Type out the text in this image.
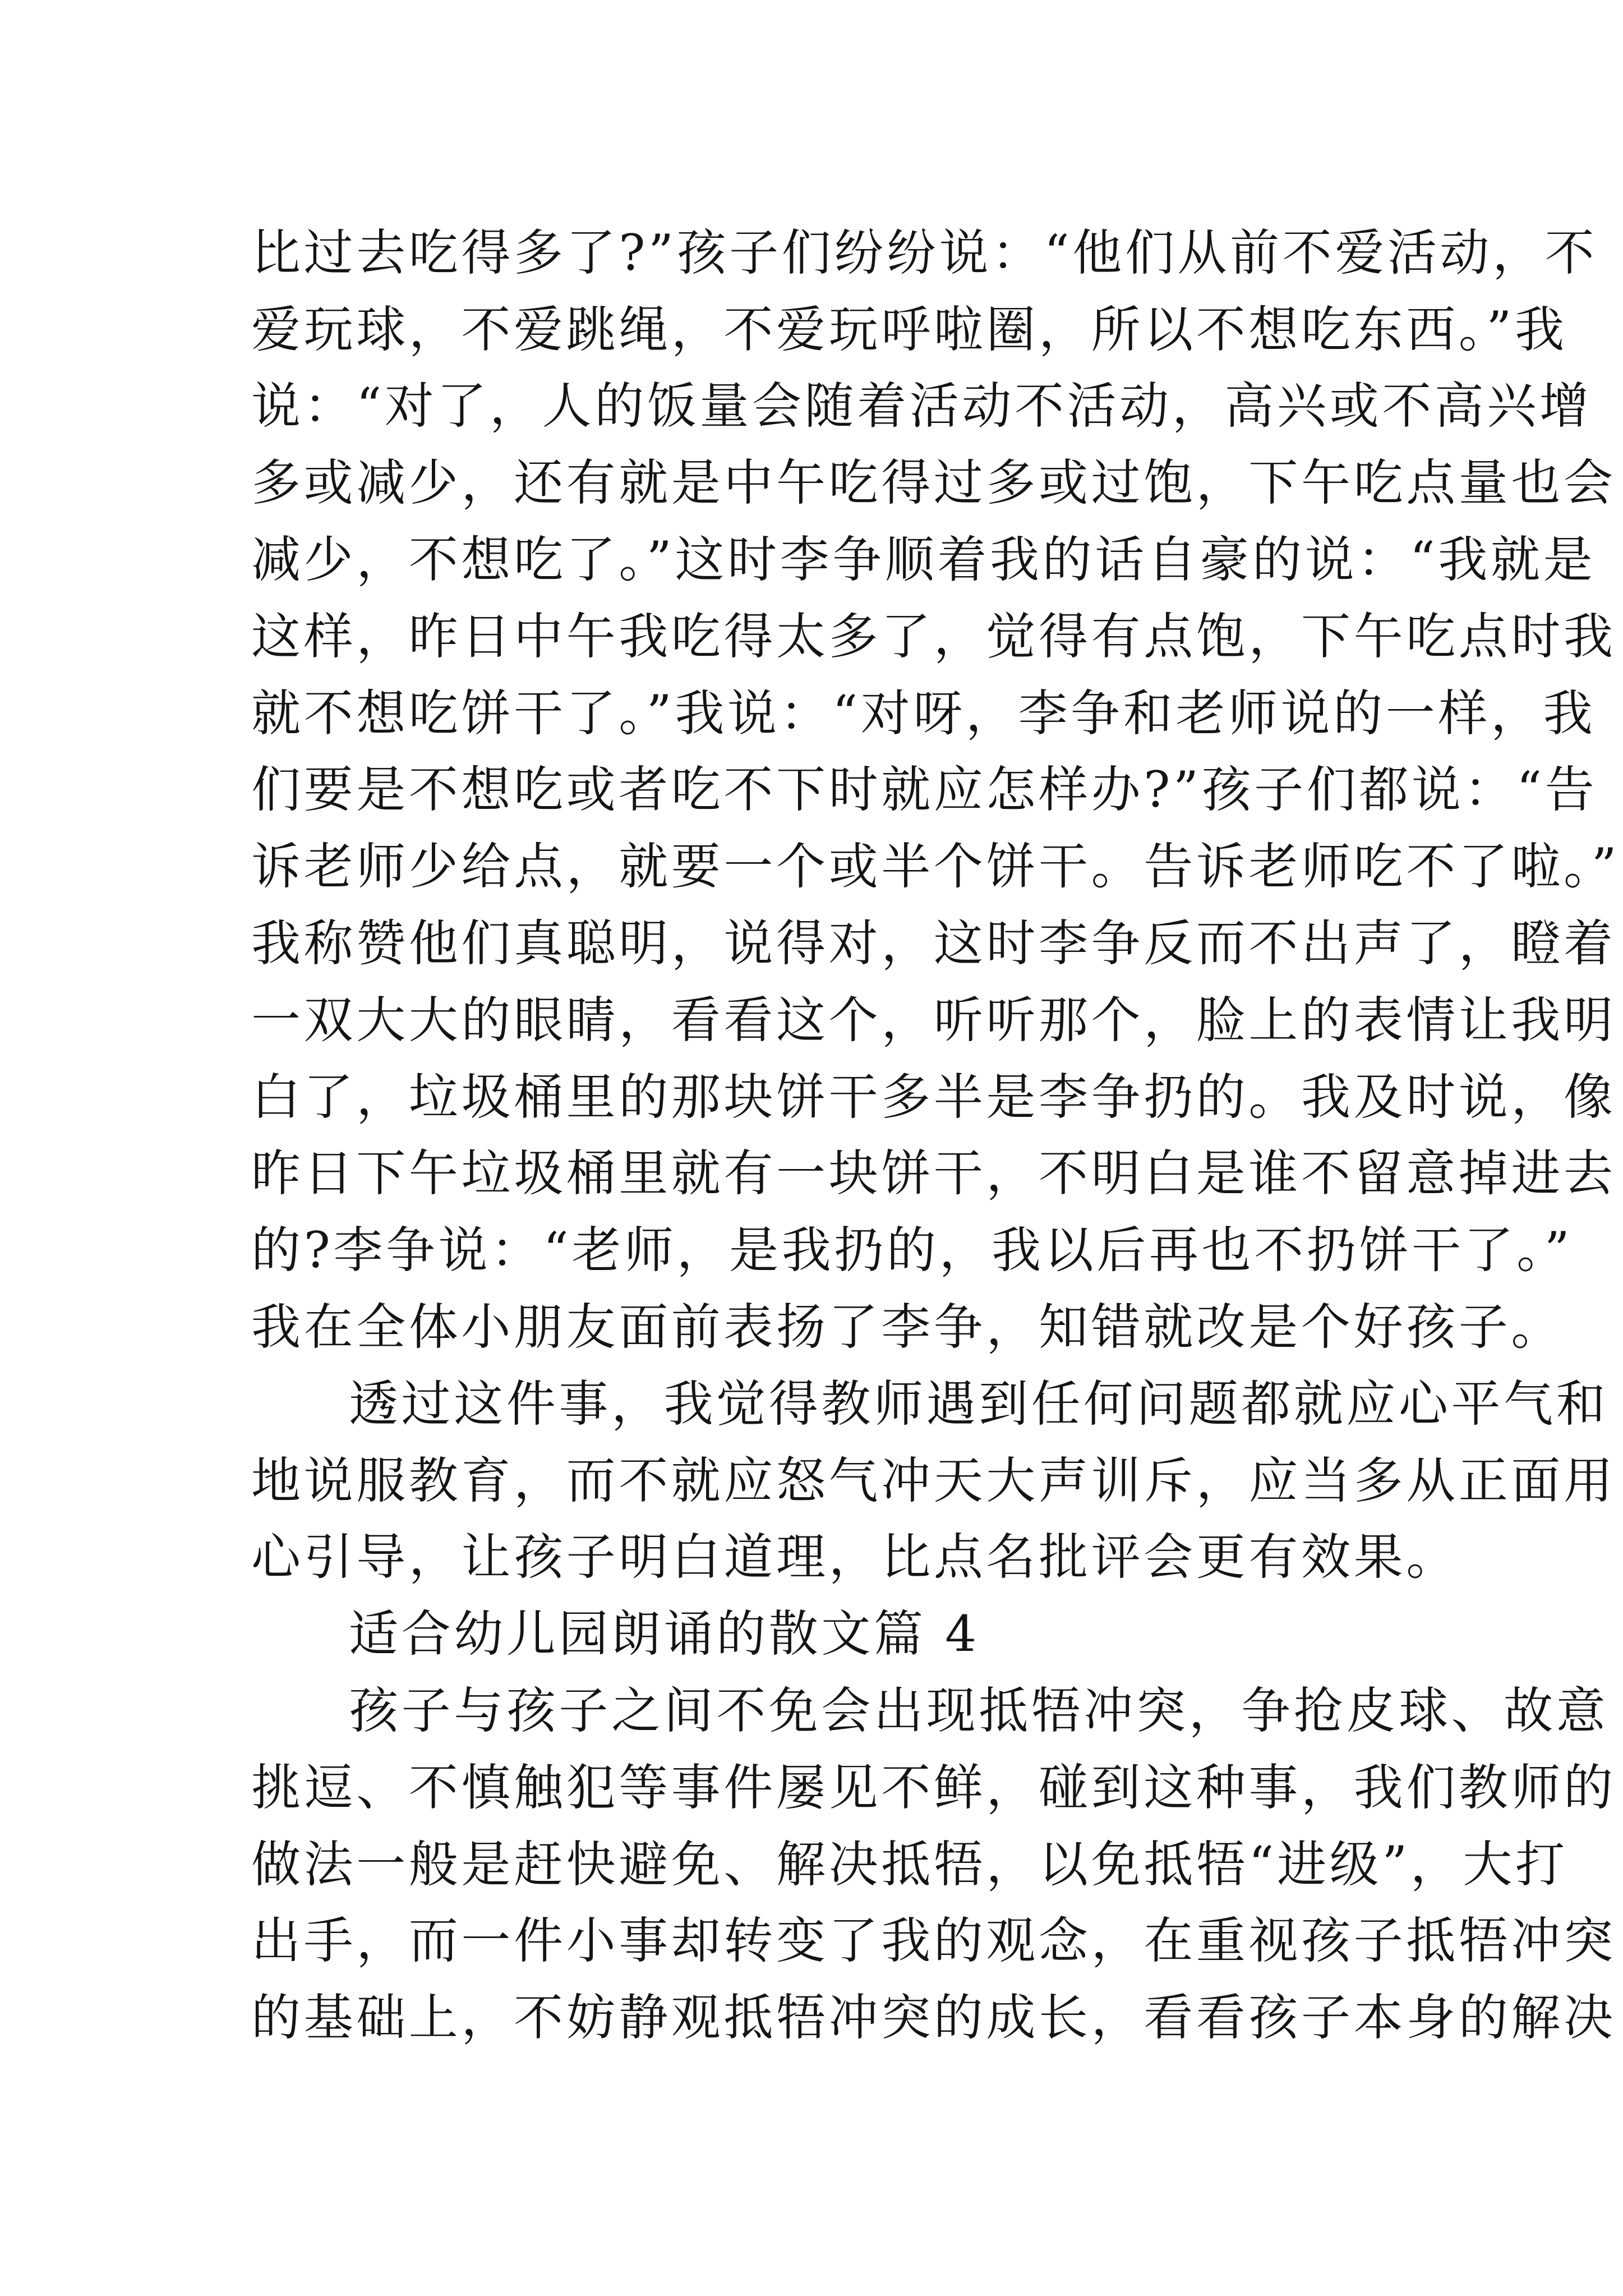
比过去吃得多了?”孩子们纷纷说：“他们从前不爱活动，不
爱玩球，不爱跳绳，不爱玩呼啦圈，所以不想吃东西。”我
说：“对了，人的饭量会随着活动不活动，高兴或不高兴增
多或减少，还有就是中午吃得过多或过饱，下午吃点量也会
减少，不想吃了。”这时李争顺着我的话自豪的说：“我就是
这样，昨日中午我吃得太多了，觉得有点饱，下午吃点时我
就不想吃饼干了。”我说：“对呀，李争和老师说的一样，我
们要是不想吃或者吃不下时就应怎样办?”孩子们都说：“告
诉老师少给点，就要一个或半个饼干。告诉老师吃不了啦。”
我称赞他们真聪明，说得对，这时李争反而不出声了，瞪着
一双大大的眼睛，看看这个，听听那个，脸上的表情让我明
白了，垃圾桶里的那块饼干多半是李争扔的。我及时说，像
昨日下午垃圾桶里就有一块饼干，不明白是谁不留意掉进去
的?李争说：“老师，是我扔的，我以后再也不扔饼干了。”
我在全体小朋友面前表扬了李争，知错就改是个好孩子。
透过这件事，我觉得教师遇到任何问题都就应心平气和
地说服教育，而不就应怒气冲天大声训斥，应当多从正面用
心引导，让孩子明白道理，比点名批评会更有效果。
适合幼儿园朗诵的散文篇 4
孩子与孩子之间不免会出现抵牾冲突，争抢皮球、故意
挑逗、不慎触犯等事件屡见不鲜，碰到这种事，我们教师的
做法一般是赶快避免、解决抵牾，以免抵牾“进级”，大打
出手，而一件小事却转变了我的观念，在重视孩子抵牾冲突
的基础上，不妨静观抵牾冲突的成长，看看孩子本身的解决
